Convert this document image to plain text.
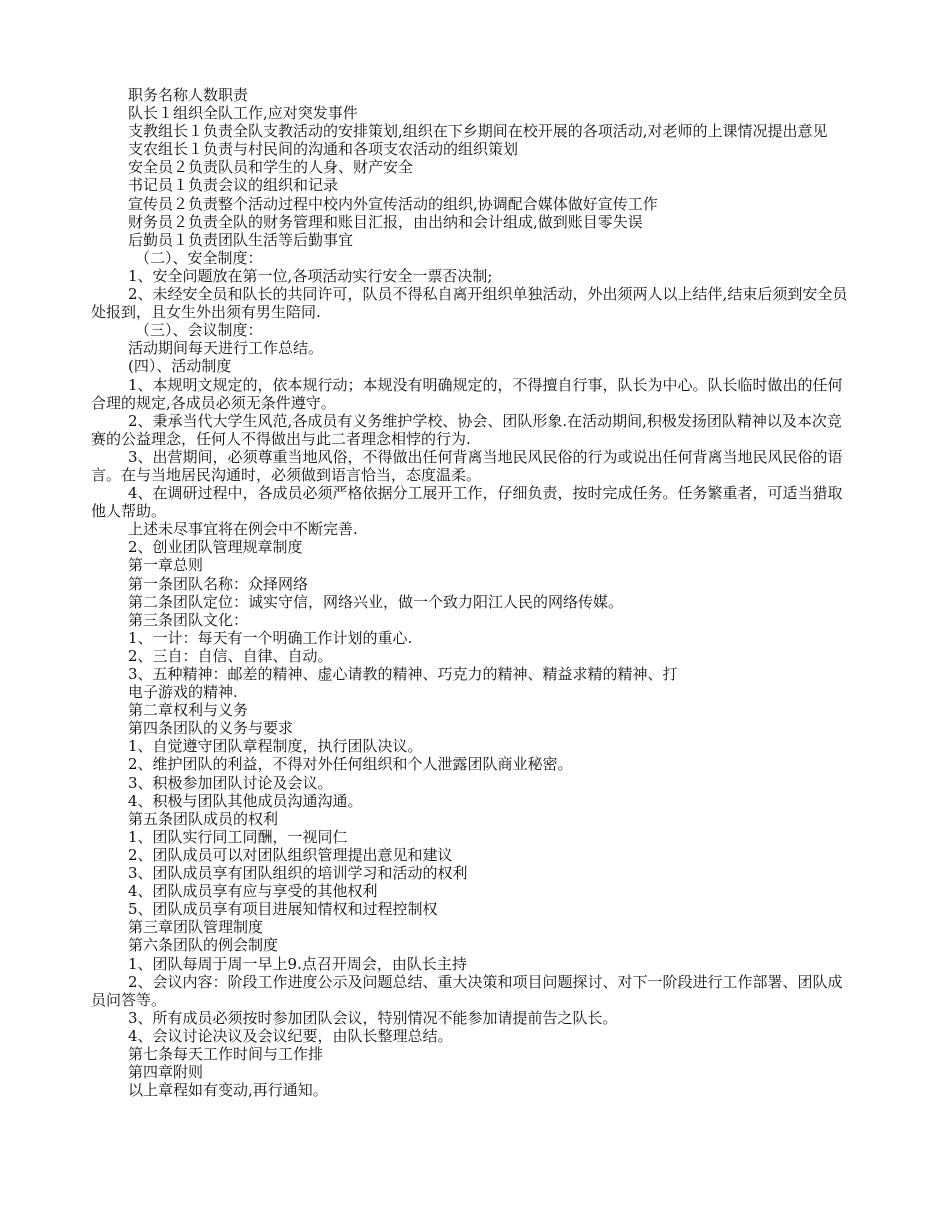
职务名称人数职责

队长１组织全队工作,应对突发事件

支教组长１负责全队支教活动的安排策划,组织在下乡期间在校开展的各项活动,对老师的上课情况提出意见

支农组长１负责与村民间的沟通和各项支农活动的组织策划

安全员２负责队员和学生的人身、财产安全

书记员１负责会议的组织和记录

宣传员２负责整个活动过程中校内外宣传活动的组织,协调配合媒体做好宣传工作

财务员２负责全队的财务管理和账目汇报，由出纳和会计组成,做到账目零失误

后勤员１负责团队生活等后勤事宜

（二）、安全制度：

1、安全问题放在第一位,各项活动实行安全一票否决制;

2、未经安全员和队长的共同许可，队员不得私自离开组织单独活动，外出须两人以上结伴,结束后须到安全员处报到，且女生外出须有男生陪同.

（三）、会议制度：

活动期间每天进行工作总结。

(四）、活动制度

1、本规明文规定的，依本规行动；本规没有明确规定的，不得擅自行事，队长为中心。队长临时做出的任何合理的规定,各成员必须无条件遵守。

2、秉承当代大学生风范,各成员有义务维护学校、协会、团队形象.在活动期间,积极发扬团队精神以及本次竞赛的公益理念，任何人不得做出与此二者理念相悖的行为.

3、出营期间，必须尊重当地风俗，不得做出任何背离当地民风民俗的行为或说出任何背离当地民风民俗的语言。在与当地居民沟通时，必须做到语言恰当，态度温柔。

4、在调研过程中，各成员必须严格依据分工展开工作，仔细负责，按时完成任务。任务繁重者，可适当猎取他人帮助。

上述未尽事宜将在例会中不断完善.

2、创业团队管理规章制度

第一章总则

第一条团队名称：众择网络

第二条团队定位：诚实守信，网络兴业，做一个致力阳江人民的网络传媒。

第三条团队文化：

1、一计：每天有一个明确工作计划的重心.

2、三自：自信、自律、自动。

3、五种精神：邮差的精神、虚心请教的精神、巧克力的精神、精益求精的精神、打

电子游戏的精神.

第二章权利与义务

第四条团队的义务与要求

1、自觉遵守团队章程制度，执行团队决议。

2、维护团队的利益，不得对外任何组织和个人泄露团队商业秘密。

3、积极参加团队讨论及会议。

4、积极与团队其他成员沟通沟通。

第五条团队成员的权利

1、团队实行同工同酬，一视同仁

2、团队成员可以对团队组织管理提出意见和建议

3、团队成员享有团队组织的培训学习和活动的权利

4、团队成员享有应与享受的其他权利

5、团队成员享有项目进展知情权和过程控制权

第三章团队管理制度

第六条团队的例会制度

1、团队每周于周一早上9.点召开周会，由队长主持

2、会议内容：阶段工作进度公示及问题总结、重大决策和项目问题探讨、对下一阶段进行工作部署、团队成员问答等。

3、所有成员必须按时参加团队会议，特别情况不能参加请提前告之队长。

4、会议讨论决议及会议纪要，由队长整理总结。

第七条每天工作时间与工作排

第四章附则

以上章程如有变动,再行通知。
